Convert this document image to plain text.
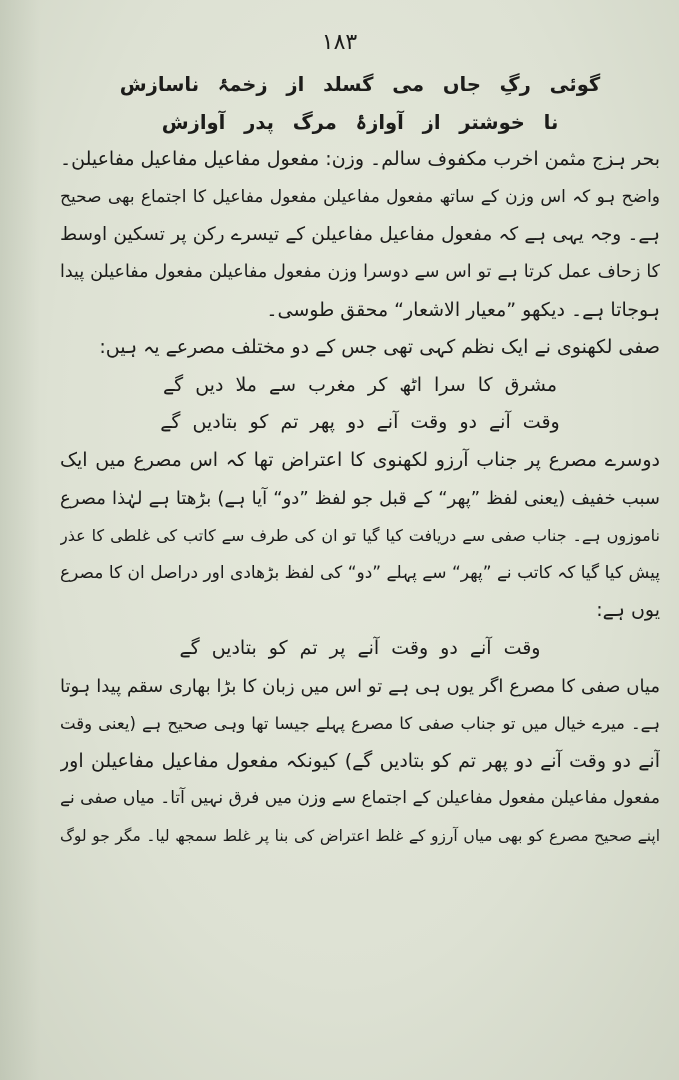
۱۸۳
گوئی رگِ جاں می گسلد از زخمۂ ناسازش
نا خوشتر از آوازۂ مرگ پدر آوازش
بحر ہزج مثمن اخرب مکفوف سالم۔ وزن: مفعول مفاعیل مفاعیل مفاعیلن۔
واضح ہو کہ اس وزن کے ساتھ مفعول مفاعیلن مفعول مفاعیل کا اجتماع بھی صحیح
ہے۔ وجہ یہی ہے کہ مفعول مفاعیل مفاعیلن کے تیسرے رکن پر تسکین اوسط
کا زحاف عمل کرتا ہے تو اس سے دوسرا وزن مفعول مفاعیلن مفعول مفاعیلن پیدا
ہوجاتا ہے۔ دیکھو ”معیار الاشعار“ محقق طوسی۔
صفی لکھنوی نے ایک نظم کہی تھی جس کے دو مختلف مصرعے یہ ہیں:
مشرق کا سرا اٹھ کر مغرب سے ملا دیں گے
وقت آنے دو وقت آنے دو پھر تم کو بتادیں گے
دوسرے مصرع پر جناب آرزو لکھنوی کا اعتراض تھا کہ اس مصرع میں ایک
سبب خفیف (یعنی لفظ ”پھر“ کے قبل جو لفظ ”دو“ آیا ہے) بڑھتا ہے لہٰذا مصرع
ناموزوں ہے۔ جناب صفی سے دریافت کیا گیا تو ان کی طرف سے کاتب کی غلطی کا عذر
پیش کیا گیا کہ کاتب نے ”پھر“ سے پہلے ”دو“ کی لفظ بڑھادی اور دراصل ان کا مصرع
یوں ہے:
وقت آنے دو وقت آنے پر تم کو بتادیں گے
میاں صفی کا مصرع اگر یوں ہی ہے تو اس میں زبان کا بڑا بھاری سقم پیدا ہوتا
ہے۔ میرے خیال میں تو جناب صفی کا مصرع پہلے جیسا تھا وہی صحیح ہے (یعنی وقت
آنے دو وقت آنے دو پھر تم کو بتادیں گے) کیونکہ مفعول مفاعیل مفاعیلن اور
مفعول مفاعیلن مفعول مفاعیلن کے اجتماع سے وزن میں فرق نہیں آتا۔ میاں صفی نے
اپنے صحیح مصرع کو بھی میاں آرزو کے غلط اعتراض کی بنا پر غلط سمجھ لیا۔ مگر جو لوگ
